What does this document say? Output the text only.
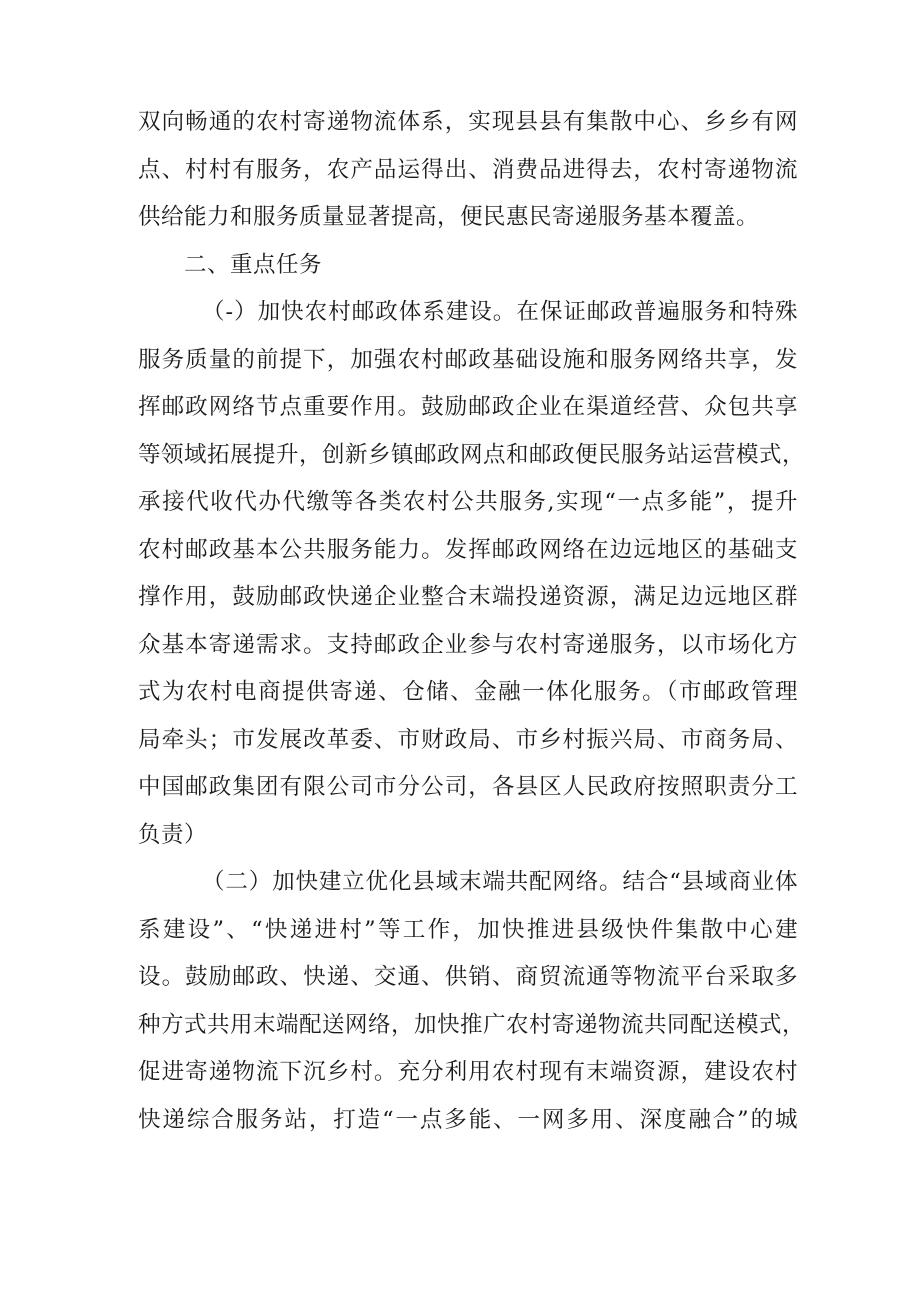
双向畅通的农村寄递物流体系，实现县县有集散中心、乡乡有网
点、村村有服务，农产品运得出、消费品进得去，农村寄递物流
供给能力和服务质量显著提高，便民惠民寄递服务基本覆盖。
二、重点任务
（-）加快农村邮政体系建设。在保证邮政普遍服务和特殊
服务质量的前提下，加强农村邮政基础设施和服务网络共享，发
挥邮政网络节点重要作用。鼓励邮政企业在渠道经营、众包共享
等领域拓展提升，创新乡镇邮政网点和邮政便民服务站运营模式，
承接代收代办代缴等各类农村公共服务,实现“一点多能”，提升
农村邮政基本公共服务能力。发挥邮政网络在边远地区的基础支
撑作用，鼓励邮政快递企业整合末端投递资源，满足边远地区群
众基本寄递需求。支持邮政企业参与农村寄递服务，以市场化方
式为农村电商提供寄递、仓储、金融一体化服务。（市邮政管理
局牵头；市发展改革委、市财政局、市乡村振兴局、市商务局、
中国邮政集团有限公司市分公司，各县区人民政府按照职责分工
负责）
（二）加快建立优化县域末端共配网络。结合“县域商业体
系建设”、“快递进村”等工作，加快推进县级快件集散中心建
设。鼓励邮政、快递、交通、供销、商贸流通等物流平台采取多
种方式共用末端配送网络，加快推广农村寄递物流共同配送模式，
促进寄递物流下沉乡村。充分利用农村现有末端资源，建设农村
快递综合服务站，打造“一点多能、一网多用、深度融合”的城
